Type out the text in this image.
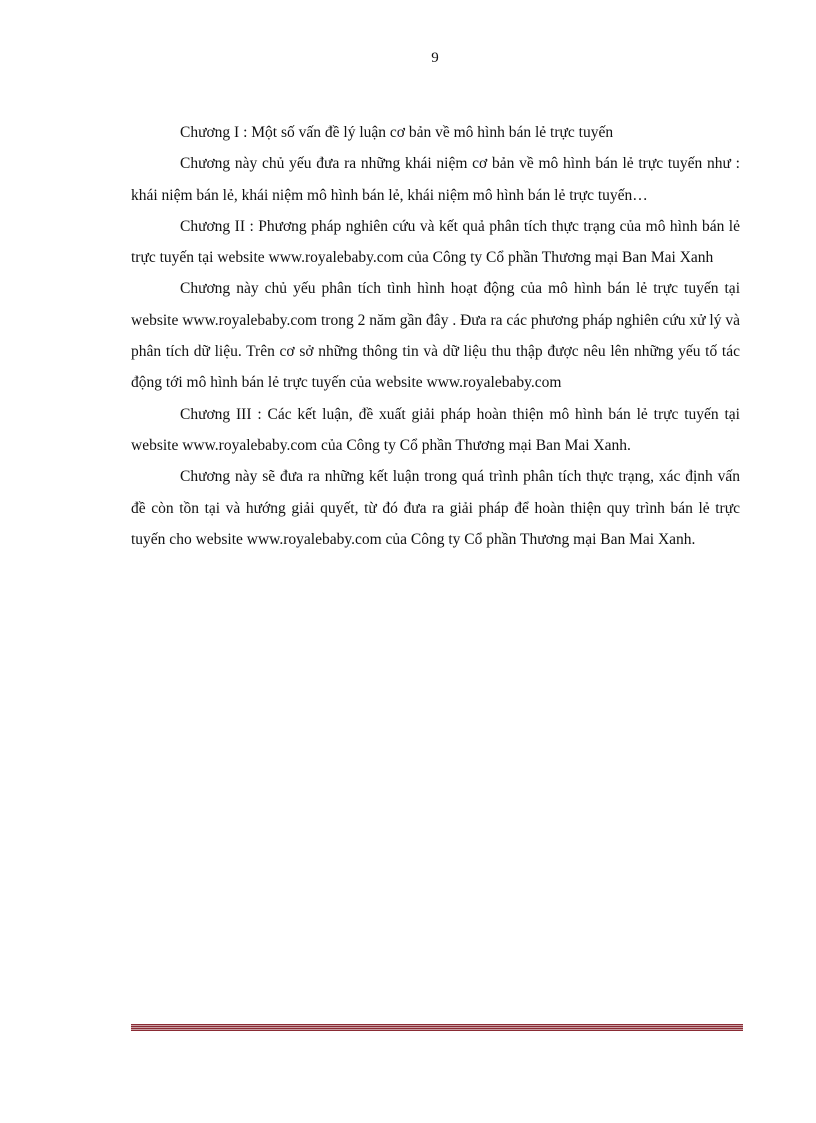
9

Chương I : Một số vấn đề lý luận cơ bản về mô hình bán lẻ trực tuyến

Chương này chủ yếu đưa ra những khái niệm cơ bản về mô hình bán lẻ trực tuyến như : khái niệm bán lẻ, khái niệm mô hình bán lẻ, khái niệm mô hình bán lẻ trực tuyến…

Chương II : Phương pháp nghiên cứu và kết quả phân tích thực trạng của mô hình bán lẻ trực tuyến tại website www.royalebaby.com của Công ty Cổ phần Thương mại Ban Mai Xanh

Chương này chủ yếu phân tích tình hình hoạt động của mô hình bán lẻ trực tuyến tại website www.royalebaby.com trong 2 năm gần đây . Đưa ra các phương pháp nghiên cứu xử lý và phân tích dữ liệu. Trên cơ sở những thông tin và dữ liệu thu thập được nêu lên những yếu tố tác động tới mô hình bán lẻ trực tuyến của website www.royalebaby.com

Chương III : Các kết luận, đề xuất giải pháp hoàn thiện mô hình bán lẻ trực tuyến tại website www.royalebaby.com của Công ty Cổ phần Thương mại Ban Mai Xanh.

Chương này sẽ đưa ra những kết luận trong quá trình phân tích thực trạng, xác định vấn đề còn tồn tại và hướng giải quyết, từ đó đưa ra giải pháp để hoàn thiện quy trình bán lẻ trực tuyến cho website www.royalebaby.com của Công ty Cổ phần Thương mại Ban Mai Xanh.
